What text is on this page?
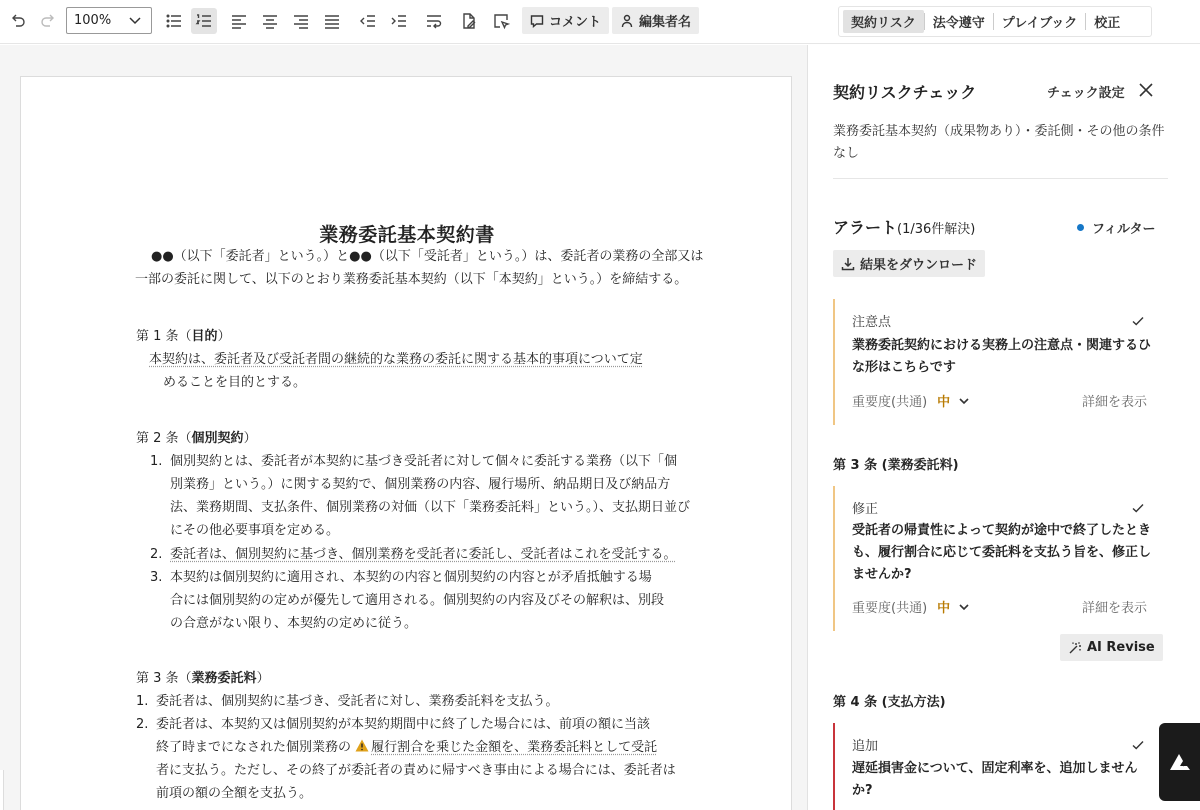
100%	コメント	編集者名	契約リスク	法令遵守	プレイブック	校正
業務委託基本契約書
●●（以下「委託者」という。）と●●（以下「受託者」という。）は、委託者の業務の全部又は
一部の委託に関して、以下のとおり業務委託基本契約（以下「本契約」という。）を締結する。
第 1 条（目的）
本契約は、委託者及び受託者間の継続的な業務の委託に関する基本的事項について定
めることを目的とする。
第 2 条（個別契約）
1. 個別契約とは、委託者が本契約に基づき受託者に対して個々に委託する業務（以下「個
別業務」という。）に関する契約で、個別業務の内容、履行場所、納品期日及び納品方
法、業務期間、支払条件、個別業務の対価（以下「業務委託料」という。）、支払期日並び
にその他必要事項を定める。
2. 委託者は、個別契約に基づき、個別業務を受託者に委託し、受託者はこれを受託する。
3. 本契約は個別契約に適用され、本契約の内容と個別契約の内容とが矛盾抵触する場
合には個別契約の定めが優先して適用される。個別契約の内容及びその解釈は、別段
の合意がない限り、本契約の定めに従う。
第 3 条（業務委託料）
1. 委託者は、個別契約に基づき、受託者に対し、業務委託料を支払う。
2. 委託者は、本契約又は個別契約が本契約期間中に終了した場合には、前項の額に当該
終了時までになされた個別業務の 履行割合を乗じた金額を、業務委託料として受託
者に支払う。ただし、その終了が委託者の責めに帰すべき事由による場合には、委託者は
前項の額の全額を支払う。
契約リスクチェック	チェック設定
業務委託基本契約（成果物あり）・委託側・その他の条件なし
アラート(1/36件解決)	フィルター
結果をダウンロード
注意点
業務委託契約における実務上の注意点・関連するひな形はこちらです
重要度(共通) 中	詳細を表示
第 3 条 (業務委託料)
修正
受託者の帰責性によって契約が途中で終了したときも、履行割合に応じて委託料を支払う旨を、修正しませんか?
重要度(共通) 中	詳細を表示
AI Revise
第 4 条 (支払方法)
追加
遅延損害金について、固定利率を、追加しませんか?
